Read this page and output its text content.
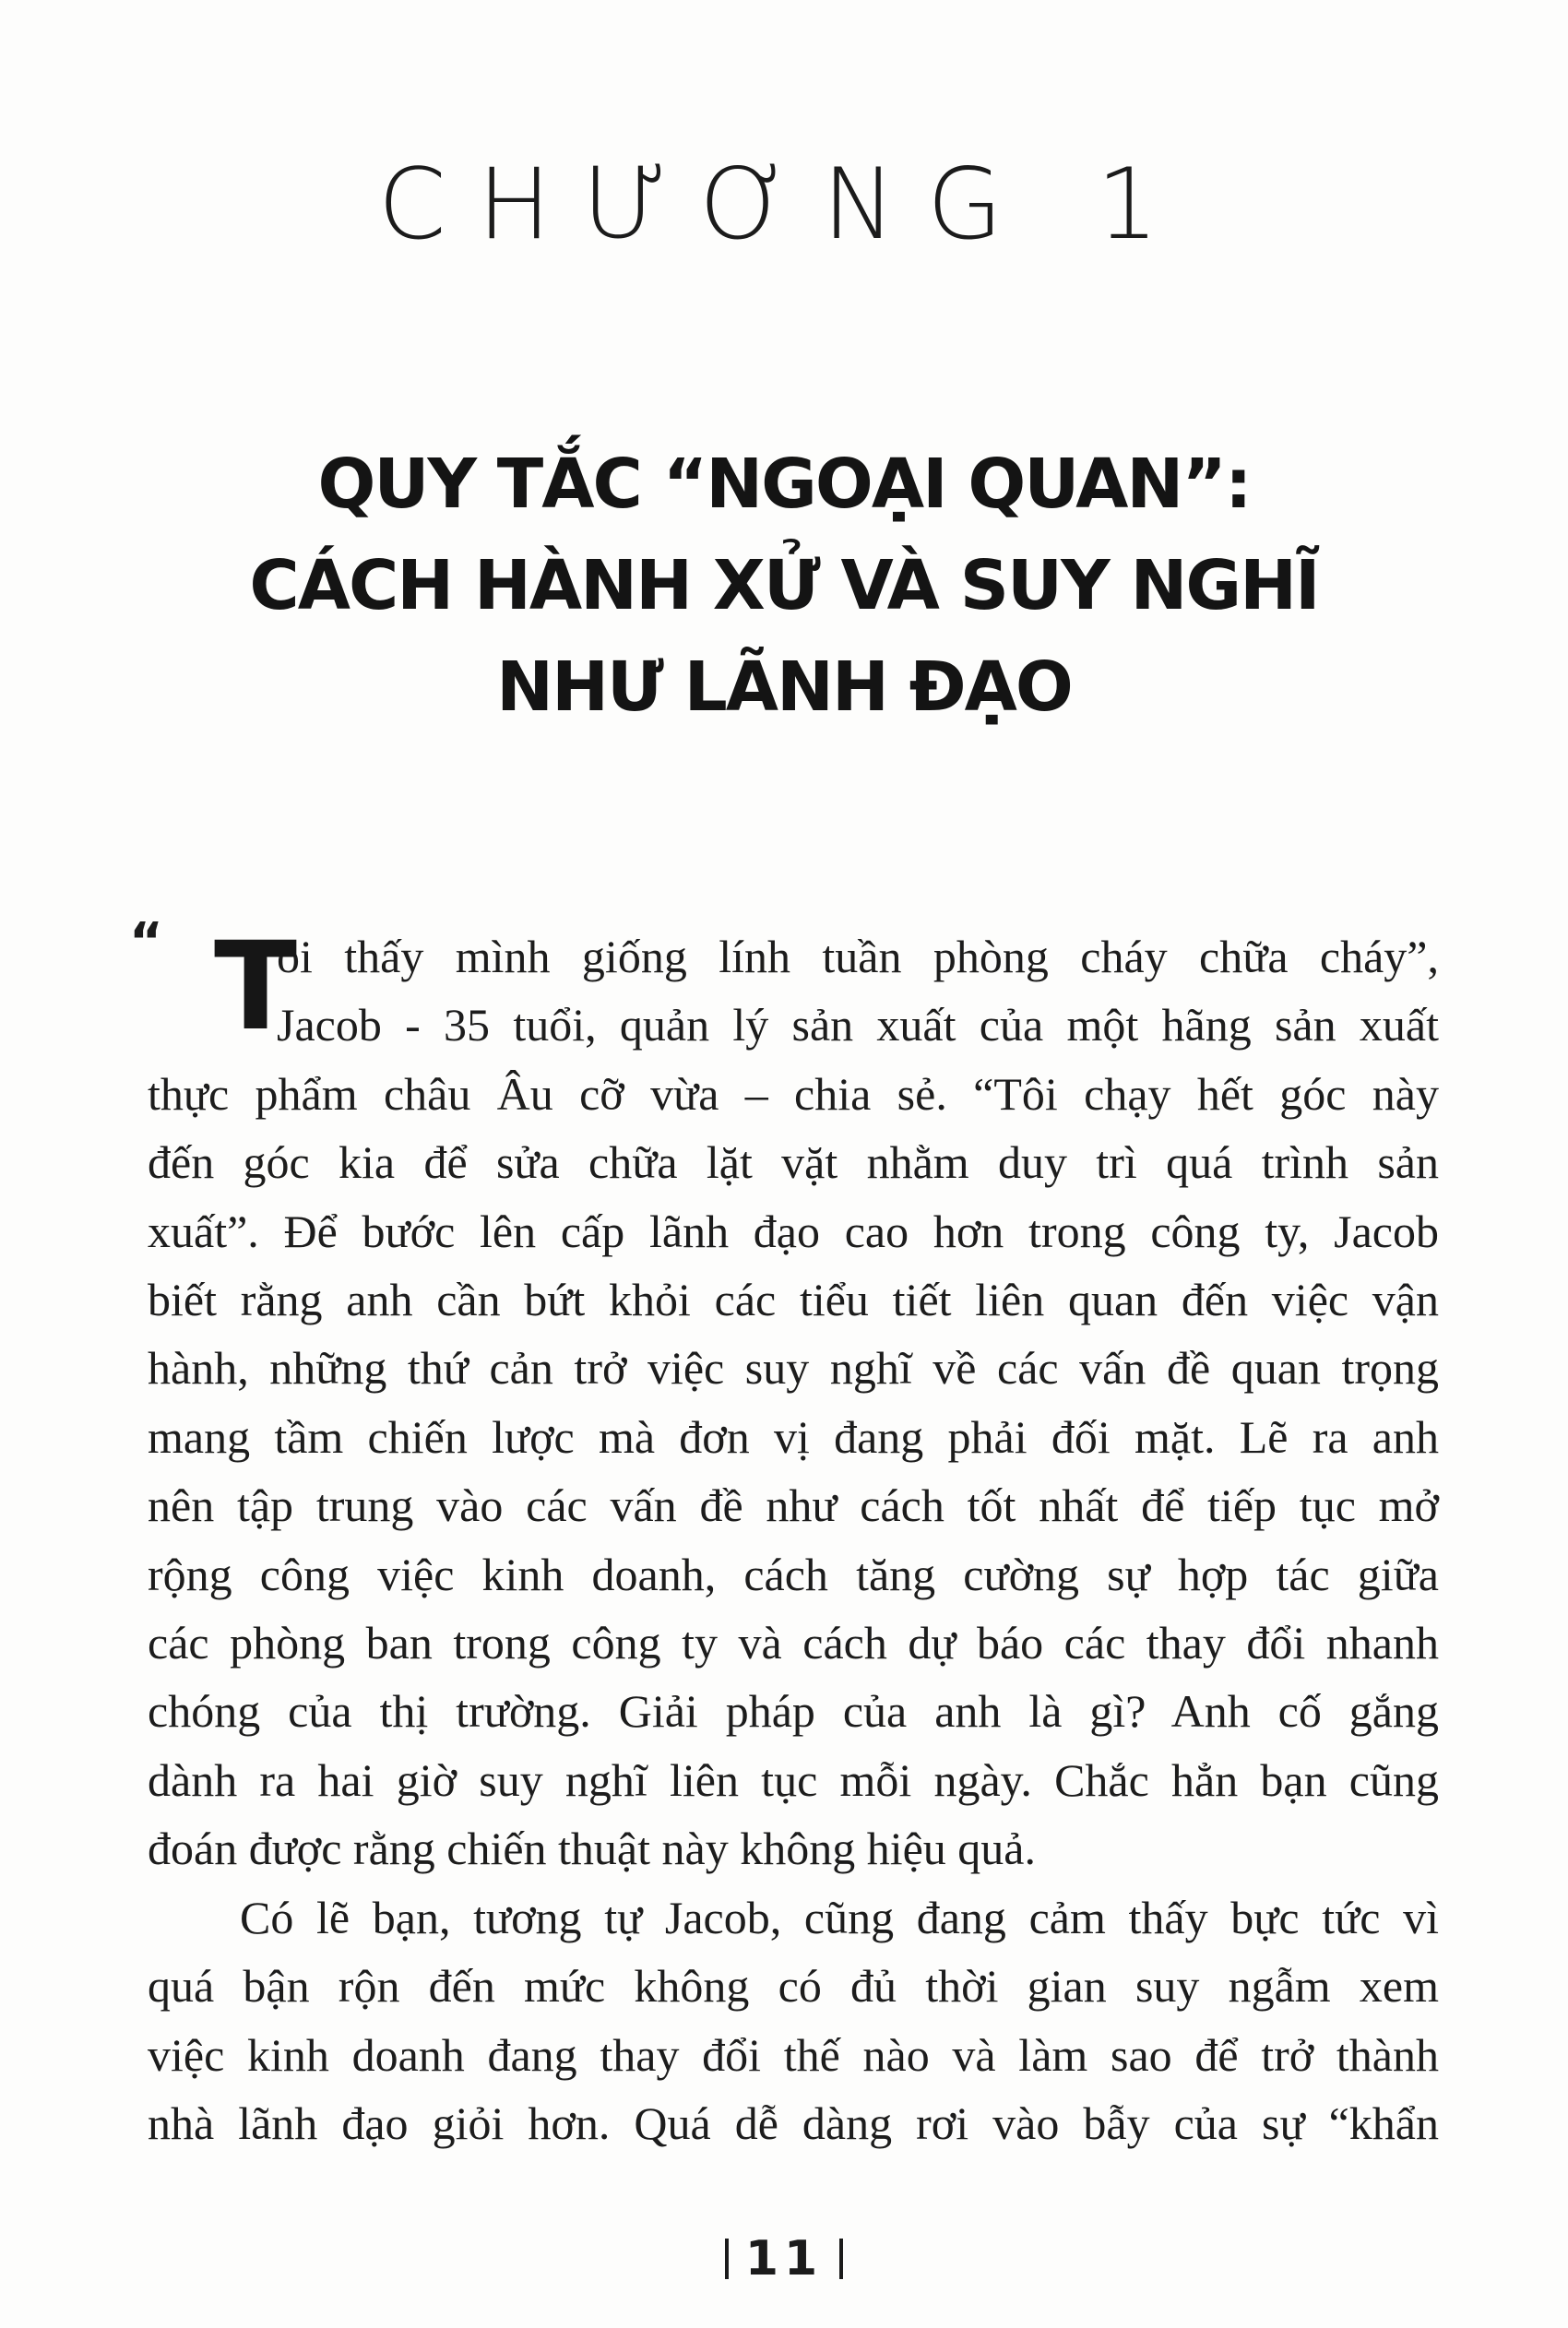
CHƯƠNG 1
QUY TẮC “NGOẠI QUAN”:
CÁCH HÀNH XỬ VÀ SUY NGHĨ
NHƯ LÃNH ĐẠO

“ T
ôi thấy mình giống lính tuần phòng cháy chữa cháy”,
Jacob - 35 tuổi, quản lý sản xuất của một hãng sản xuất
thực phẩm châu Âu cỡ vừa – chia sẻ. “Tôi chạy hết góc này
đến góc kia để sửa chữa lặt vặt nhằm duy trì quá trình sản
xuất”. Để bước lên cấp lãnh đạo cao hơn trong công ty, Jacob
biết rằng anh cần bứt khỏi các tiểu tiết liên quan đến việc vận
hành, những thứ cản trở việc suy nghĩ về các vấn đề quan trọng
mang tầm chiến lược mà đơn vị đang phải đối mặt. Lẽ ra anh
nên tập trung vào các vấn đề như cách tốt nhất để tiếp tục mở
rộng công việc kinh doanh, cách tăng cường sự hợp tác giữa
các phòng ban trong công ty và cách dự báo các thay đổi nhanh
chóng của thị trường. Giải pháp của anh là gì? Anh cố gắng
dành ra hai giờ suy nghĩ liên tục mỗi ngày. Chắc hẳn bạn cũng
đoán được rằng chiến thuật này không hiệu quả.

Có lẽ bạn, tương tự Jacob, cũng đang cảm thấy bực tức vì
quá bận rộn đến mức không có đủ thời gian suy ngẫm xem
việc kinh doanh đang thay đổi thế nào và làm sao để trở thành
nhà lãnh đạo giỏi hơn. Quá dễ dàng rơi vào bẫy của sự “khẩn

11
